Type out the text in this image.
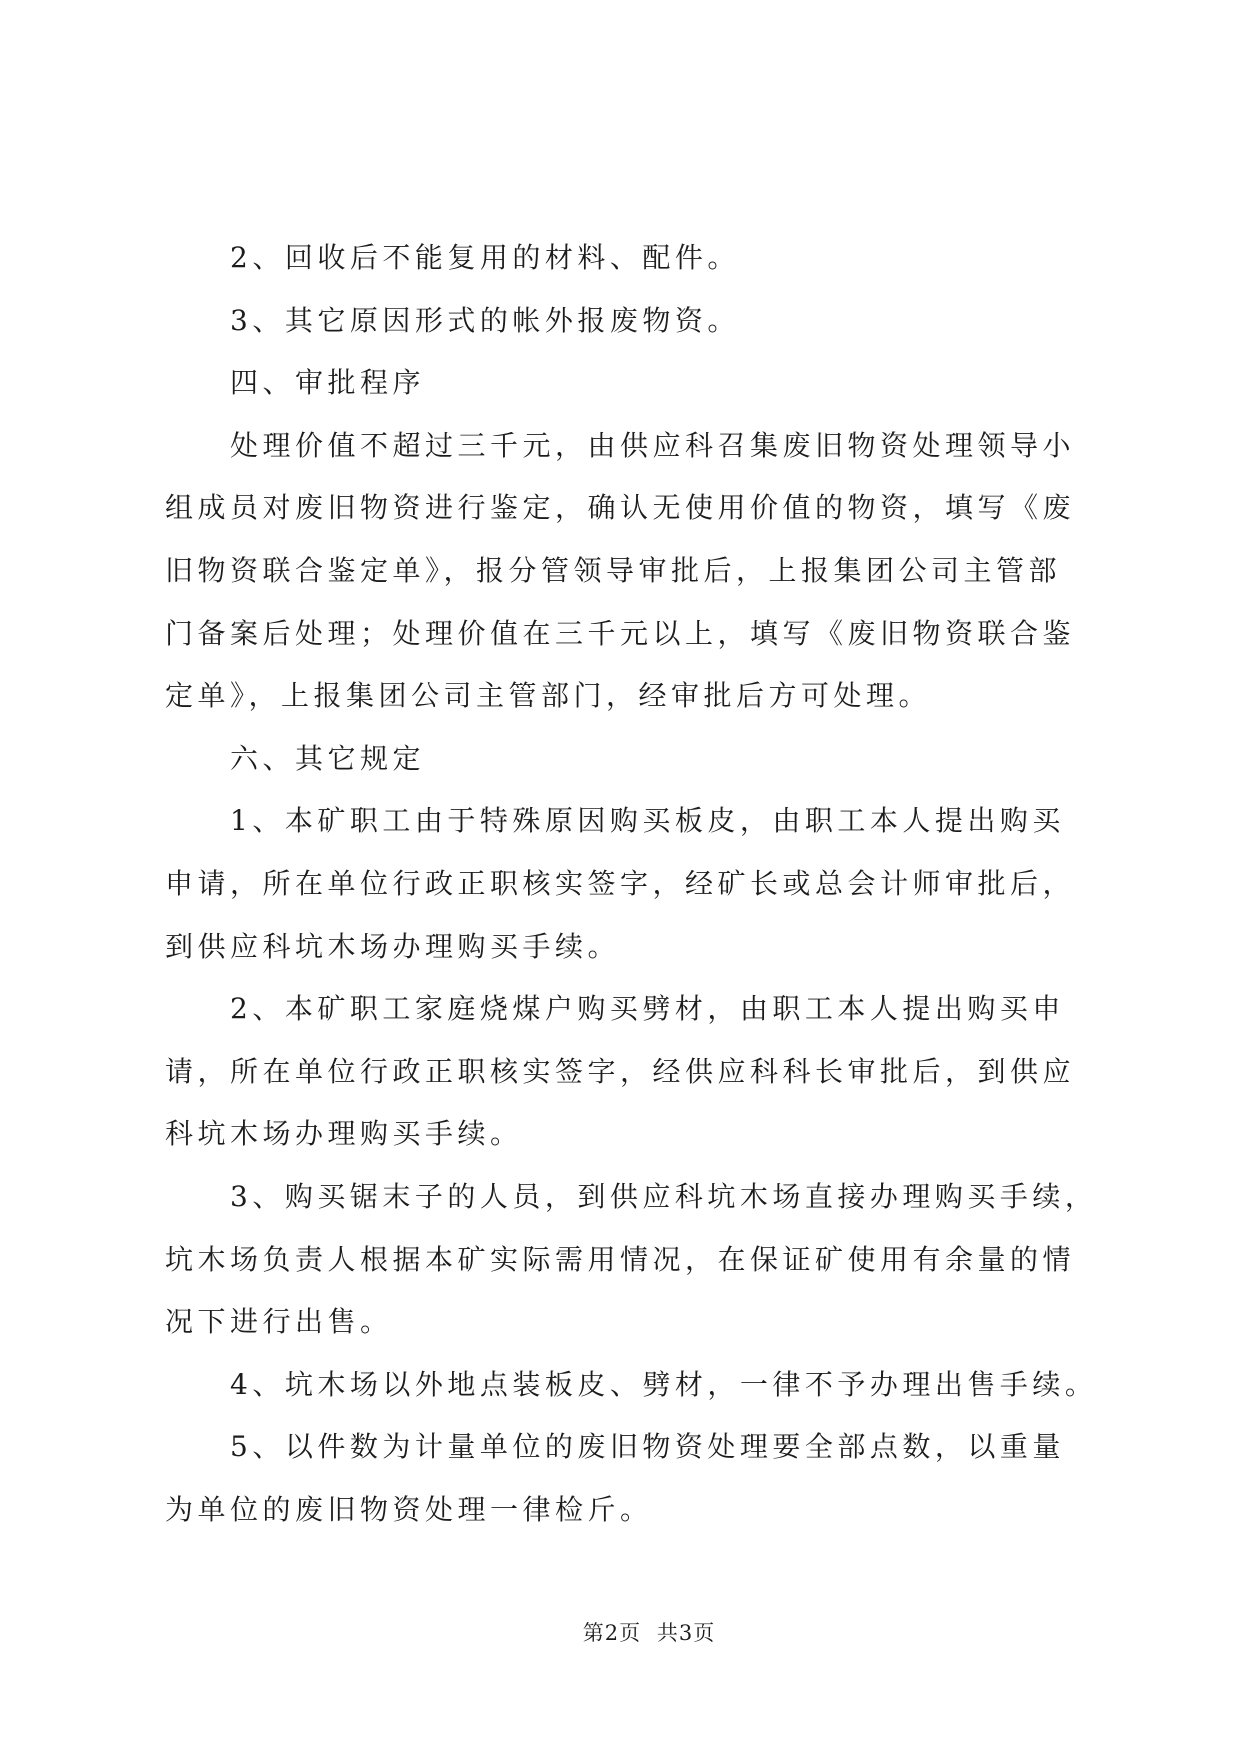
2、回收后不能复用的材料、配件。
3、其它原因形式的帐外报废物资。
四、审批程序
处理价值不超过三千元，由供应科召集废旧物资处理领导小
组成员对废旧物资进行鉴定，确认无使用价值的物资，填写《废
旧物资联合鉴定单》，报分管领导审批后，上报集团公司主管部
门备案后处理；处理价值在三千元以上，填写《废旧物资联合鉴
定单》，上报集团公司主管部门，经审批后方可处理。
六、其它规定
1、本矿职工由于特殊原因购买板皮，由职工本人提出购买
申请，所在单位行政正职核实签字，经矿长或总会计师审批后，
到供应科坑木场办理购买手续。
2、本矿职工家庭烧煤户购买劈材，由职工本人提出购买申
请，所在单位行政正职核实签字，经供应科科长审批后，到供应
科坑木场办理购买手续。
3、购买锯末子的人员，到供应科坑木场直接办理购买手续，
坑木场负责人根据本矿实际需用情况，在保证矿使用有余量的情
况下进行出售。
4、坑木场以外地点装板皮、劈材，一律不予办理出售手续。
5、以件数为计量单位的废旧物资处理要全部点数，以重量
为单位的废旧物资处理一律检斤。
第2页 共3页
